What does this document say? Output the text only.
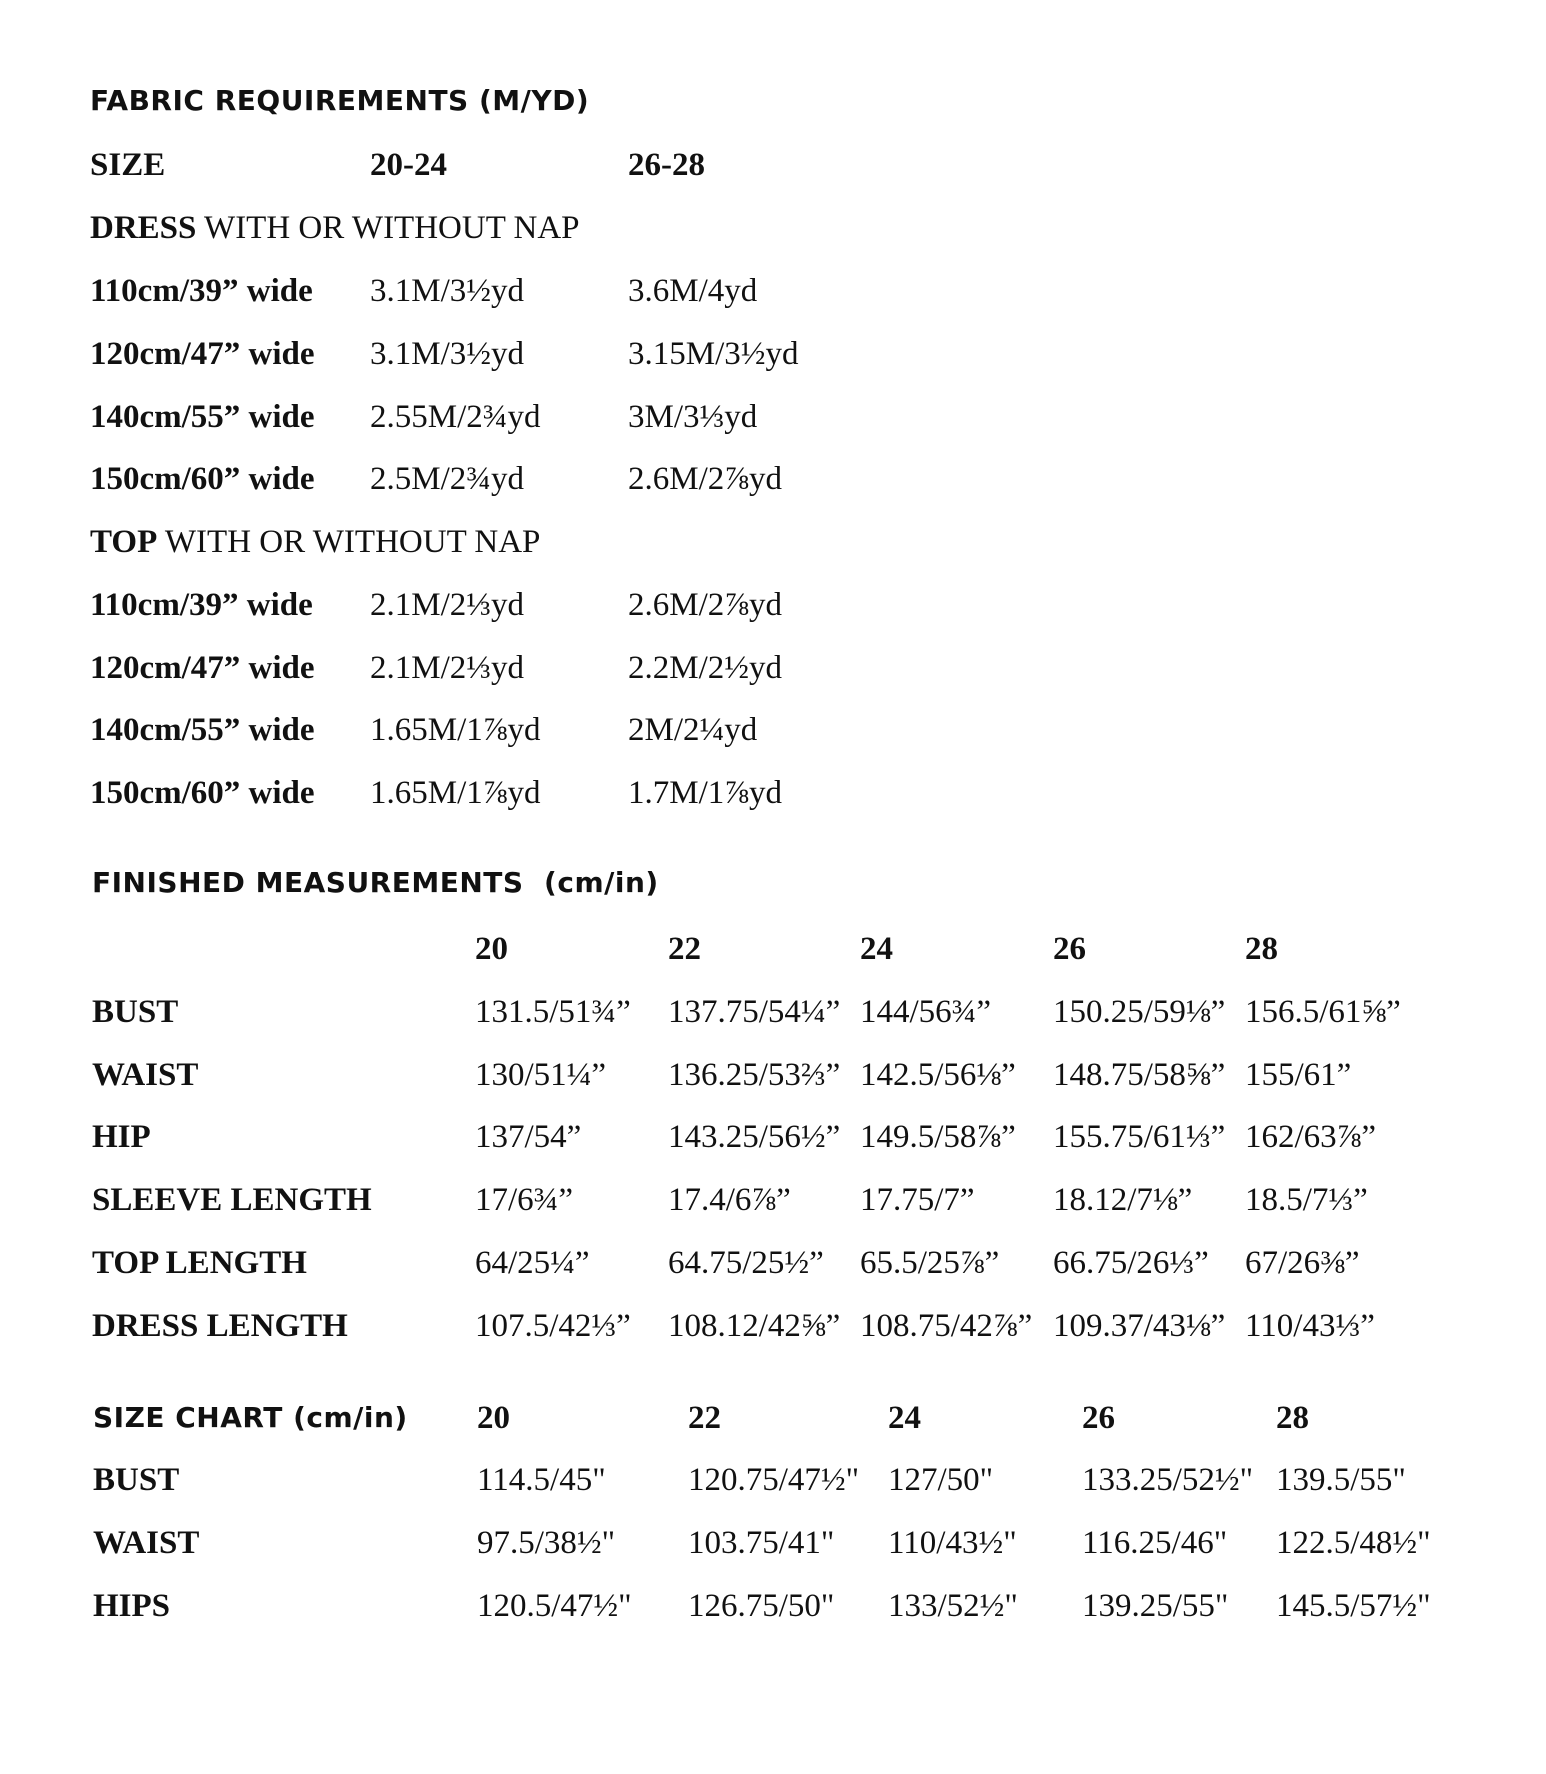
FABRIC REQUIREMENTS (M/YD)
SIZE	20-24	26-28
DRESS WITH OR WITHOUT NAP
110cm/39” wide 3.1M/3½yd	3.6M/4yd
120cm/47” wide 3.1M/3½yd	3.15M/3½yd
140cm/55” wide 2.55M/2¾yd	3M/3⅓yd
150cm/60” wide 2.5M/2¾yd	2.6M/2⅞yd
TOP WITH OR WITHOUT NAP
110cm/39” wide 2.1M/2⅓yd	2.6M/2⅞yd
120cm/47” wide 2.1M/2⅓yd	2.2M/2½yd
140cm/55” wide 1.65M/1⅞yd	2M/2¼yd
150cm/60” wide 1.65M/1⅞yd	1.7M/1⅞yd
FINISHED MEASUREMENTS  (cm/in)
20	22	24	26	28
BUST	131.5/51¾” 137.75/54¼” 144/56¾” 150.25/59⅛” 156.5/61⅝”
WAIST	130/51¼” 136.25/53⅔” 142.5/56⅛” 148.75/58⅝” 155/61”
HIP	137/54”	143.25/56½” 149.5/58⅞” 155.75/61⅓” 162/63⅞”
SLEEVE LENGTH	17/6¾”	17.4/6⅞” 17.75/7” 18.12/7⅛” 18.5/7⅓”
TOP LENGTH	64/25¼” 64.75/25½” 65.5/25⅞” 66.75/26⅓” 67/26⅜”
DRESS LENGTH	107.5/42⅓” 108.12/42⅝” 108.75/42⅞” 109.37/43⅛” 110/43⅓”
SIZE CHART (cm/in) 20	22	24	26	28
BUST	114.5/45" 120.75/47½" 127/50"	133.25/52½" 139.5/55"
WAIST	97.5/38½" 103.75/41" 110/43½" 116.25/46" 122.5/48½"
HIPS	120.5/47½" 126.75/50" 133/52½" 139.25/55" 145.5/57½"
